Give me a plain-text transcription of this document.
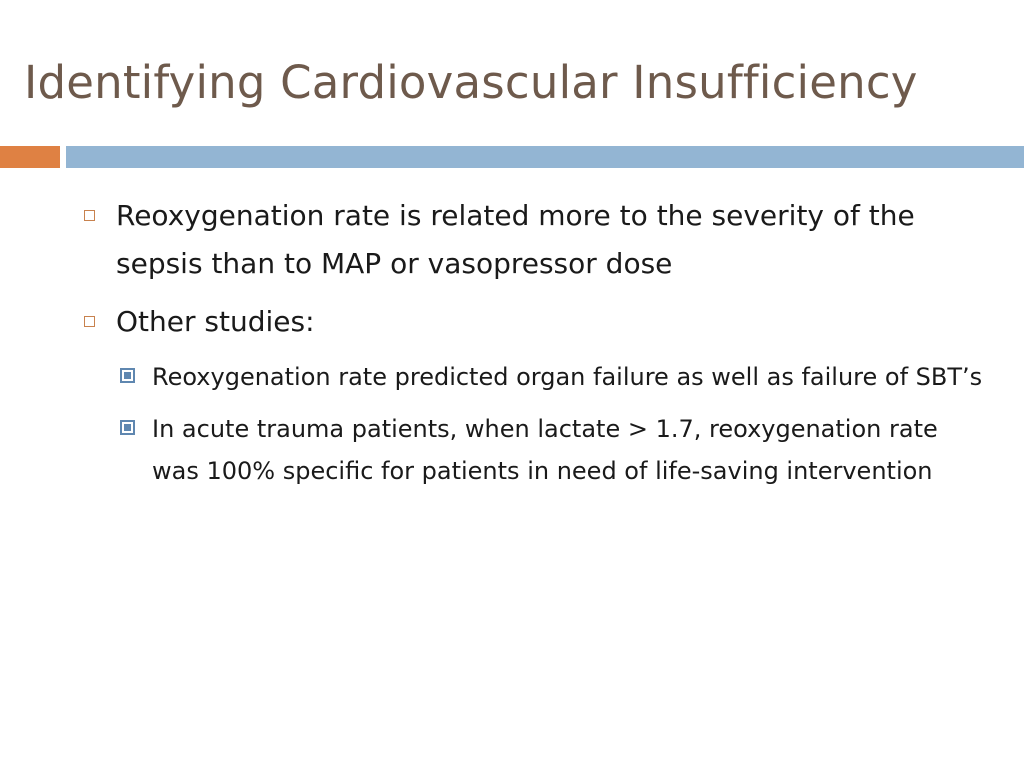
Identifying Cardiovascular Insufficiency
Reoxygenation rate is related more to the severity of the sepsis than to MAP or vasopressor dose
Other studies:
Reoxygenation rate predicted organ failure as well as failure of SBT’s
In acute trauma patients, when lactate > 1.7, reoxygenation rate was 100% specific for patients in need of life-saving intervention
